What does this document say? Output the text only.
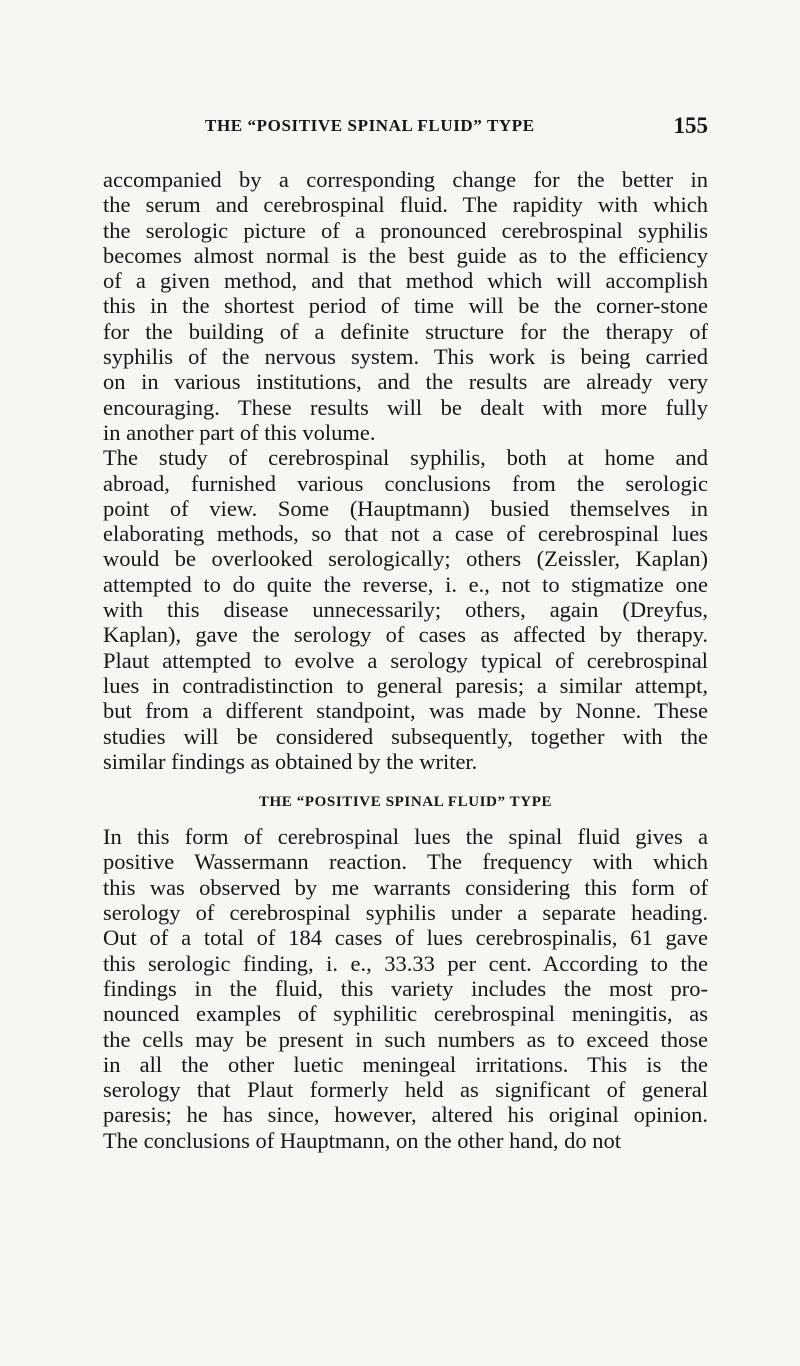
THE “POSITIVE SPINAL FLUID” TYPE	155

accompanied by a corresponding change for the better in
the serum and cerebrospinal fluid. The rapidity with which
the serologic picture of a pronounced cerebrospinal syphilis
becomes almost normal is the best guide as to the efficiency
of a given method, and that method which will accomplish
this in the shortest period of time will be the corner-stone
for the building of a definite structure for the therapy of
syphilis of the nervous system. This work is being carried
on in various institutions, and the results are already very
encouraging. These results will be dealt with more fully
in another part of this volume.

The study of cerebrospinal syphilis, both at home and
abroad, furnished various conclusions from the serologic
point of view. Some (Hauptmann) busied themselves in
elaborating methods, so that not a case of cerebrospinal lues
would be overlooked serologically; others (Zeissler, Kaplan)
attempted to do quite the reverse, i. e., not to stigmatize one
with this disease unnecessarily; others, again (Dreyfus,
Kaplan), gave the serology of cases as affected by therapy.
Plaut attempted to evolve a serology typical of cerebrospinal
lues in contradistinction to general paresis; a similar attempt,
but from a different standpoint, was made by Nonne. These
studies will be considered subsequently, together with the
similar findings as obtained by the writer.

THE “POSITIVE SPINAL FLUID” TYPE

In this form of cerebrospinal lues the spinal fluid gives a
positive Wassermann reaction. The frequency with which
this was observed by me warrants considering this form of
serology of cerebrospinal syphilis under a separate heading.
Out of a total of 184 cases of lues cerebrospinalis, 61 gave
this serologic finding, i. e., 33.33 per cent. According to the
findings in the fluid, this variety includes the most pro-
nounced examples of syphilitic cerebrospinal meningitis, as
the cells may be present in such numbers as to exceed those
in all the other luetic meningeal irritations. This is the
serology that Plaut formerly held as significant of general
paresis; he has since, however, altered his original opinion.
The conclusions of Hauptmann, on the other hand, do not
